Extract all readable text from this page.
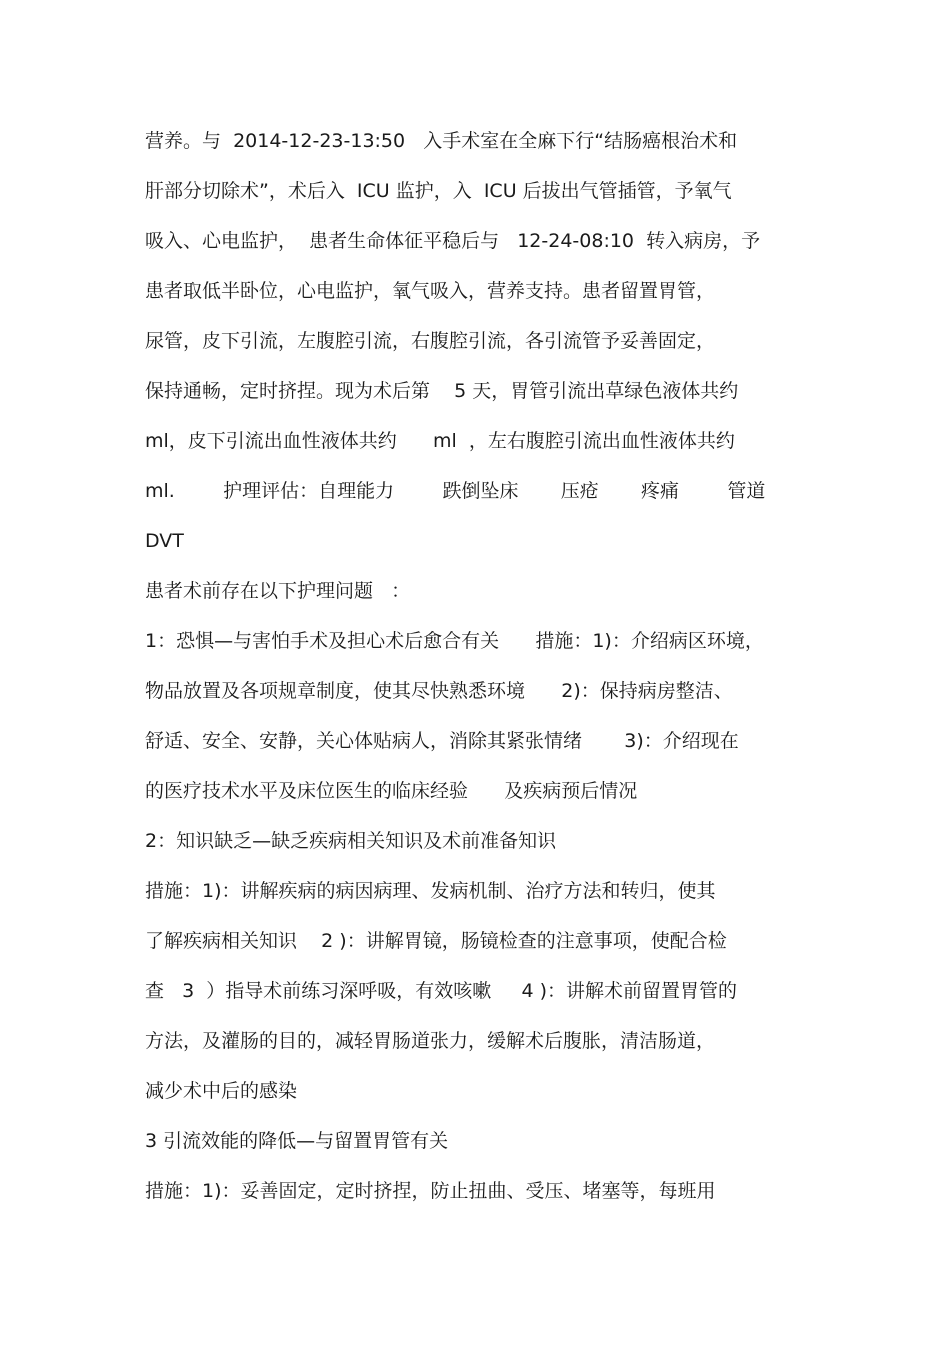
营养。与  2014-12-23-13:50   入手术室在全麻下行“结肠癌根治术和
肝部分切除术”，术后入  ICU 监护，入  ICU 后拔出气管插管，予氧气
吸入、心电监护，  患者生命体征平稳后与   12-24-08:10  转入病房，予
患者取低半卧位，心电监护，氧气吸入，营养支持。患者留置胃管，
尿管，皮下引流，左腹腔引流，右腹腔引流，各引流管予妥善固定，
保持通畅，定时挤捏。现为术后第    5 天，胃管引流出草绿色液体共约
ml，皮下引流出血性液体共约      ml  ，左右腹腔引流出血性液体共约
ml.        护理评估：自理能力        跌倒坠床       压疮       疼痛        管道
DVT
患者术前存在以下护理问题   ：
1：恐惧—与害怕手术及担心术后愈合有关      措施：1)：介绍病区环境，
物品放置及各项规章制度，使其尽快熟悉环境      2)：保持病房整洁、
舒适、安全、安静，关心体贴病人，消除其紧张情绪       3)：介绍现在
的医疗技术水平及床位医生的临床经验      及疾病预后情况
2：知识缺乏—缺乏疾病相关知识及术前准备知识
措施：1)：讲解疾病的病因病理、发病机制、治疗方法和转归，使其
了解疾病相关知识    2 )：讲解胃镜，肠镜检查的注意事项，使配合检
查   3  ）指导术前练习深呼吸，有效咳嗽     4 )：讲解术前留置胃管的
方法，及灌肠的目的，减轻胃肠道张力，缓解术后腹胀，清洁肠道，
减少术中后的感染
3 引流效能的降低—与留置胃管有关
措施：1)：妥善固定，定时挤捏，防止扭曲、受压、堵塞等，每班用
